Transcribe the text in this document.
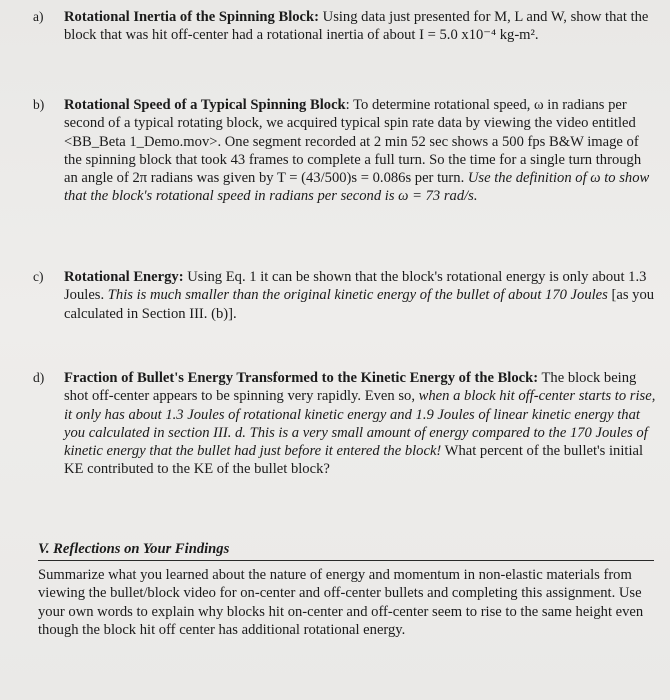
a) Rotational Inertia of the Spinning Block: Using data just presented for M, L and W, show that the block that was hit off-center had a rotational inertia of about I = 5.0 x10⁻⁴ kg-m².
b) Rotational Speed of a Typical Spinning Block: To determine rotational speed, ω in radians per second of a typical rotating block, we acquired typical spin rate data by viewing the video entitled <BB_Beta 1_Demo.mov>. One segment recorded at 2 min 52 sec shows a 500 fps B&W image of the spinning block that took 43 frames to complete a full turn. So the time for a single turn through an angle of 2π radians was given by T = (43/500)s = 0.086s per turn. Use the definition of ω to show that the block's rotational speed in radians per second is ω = 73 rad/s.
c) Rotational Energy: Using Eq. 1 it can be shown that the block's rotational energy is only about 1.3 Joules. This is much smaller than the original kinetic energy of the bullet of about 170 Joules [as you calculated in Section III. (b)].
d) Fraction of Bullet's Energy Transformed to the Kinetic Energy of the Block: The block being shot off-center appears to be spinning very rapidly. Even so, when a block hit off-center starts to rise, it only has about 1.3 Joules of rotational kinetic energy and 1.9 Joules of linear kinetic energy that you calculated in section III. d. This is a very small amount of energy compared to the 170 Joules of kinetic energy that the bullet had just before it entered the block! What percent of the bullet's initial KE contributed to the KE of the bullet block?
V. Reflections on Your Findings
Summarize what you learned about the nature of energy and momentum in non-elastic materials from viewing the bullet/block video for on-center and off-center bullets and completing this assignment. Use your own words to explain why blocks hit on-center and off-center seem to rise to the same height even though the block hit off center has additional rotational energy.
